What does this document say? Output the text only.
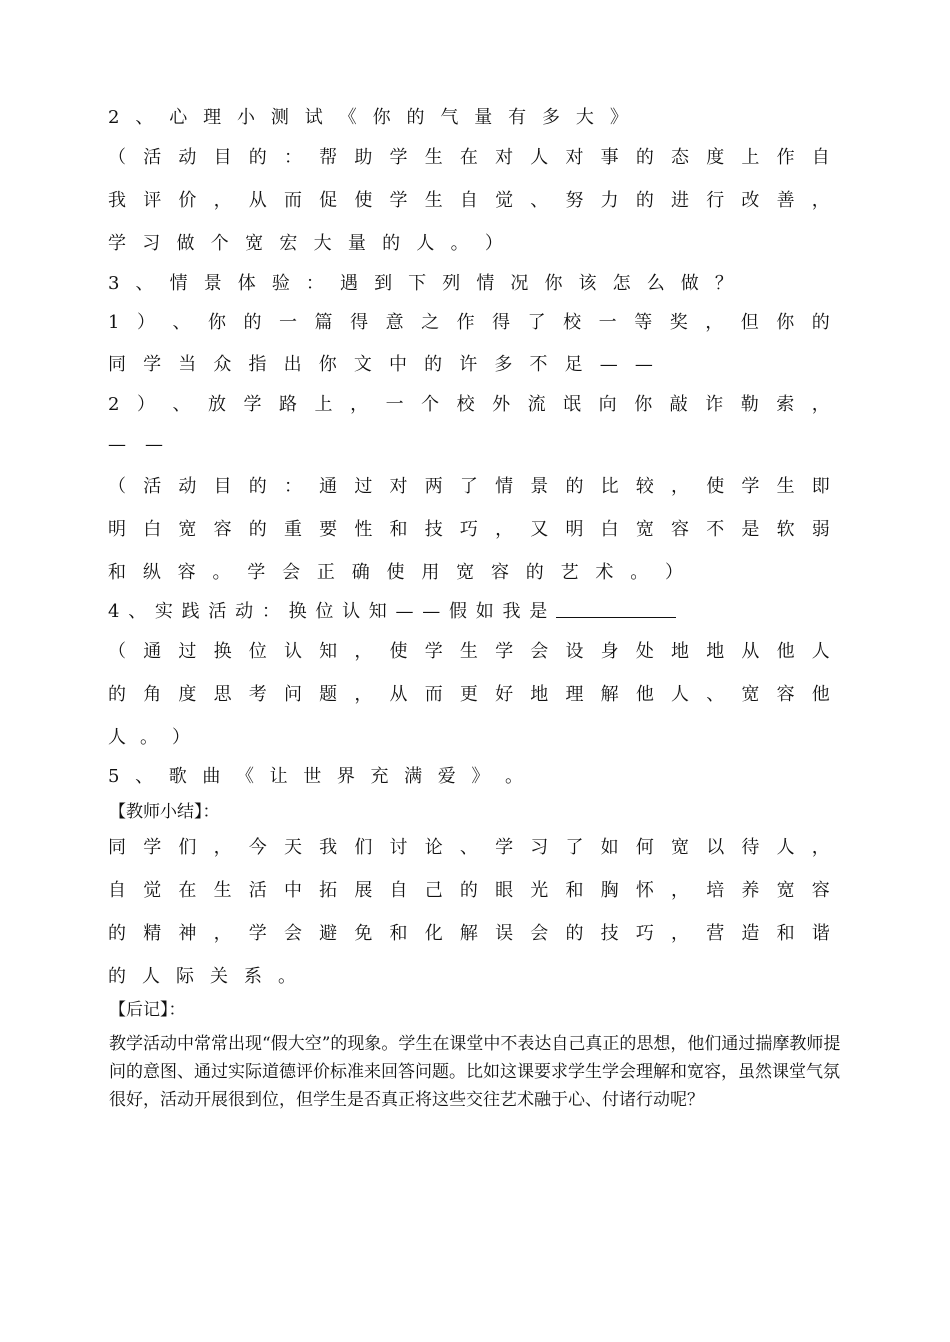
2 、 心 理 小 测 试 《 你 的 气 量 有 多 大 》
（ 活 动 目 的 ： 帮 助 学 生 在 对 人 对 事 的 态 度 上 作 自
我 评 价 ， 从 而 促 使 学 生 自 觉 、 努 力 的 进 行 改 善 ，
学 习 做 个 宽 宏 大 量 的 人 。 ）
3 、 情 景 体 验 ： 遇 到 下 列 情 况 你 该 怎 么 做 ？
1 ） 、 你 的 一 篇 得 意 之 作 得 了 校 一 等 奖 ， 但 你 的
同 学 当 众 指 出 你 文 中 的 许 多 不 足 — —
2 ） 、 放 学 路 上 ， 一 个 校 外 流 氓 向 你 敲 诈 勒 索 ，
— —
（ 活 动 目 的 ： 通 过 对 两 了 情 景 的 比 较 ， 使 学 生 即
明 白 宽 容 的 重 要 性 和 技 巧 ， 又 明 白 宽 容 不 是 软 弱
和 纵 容 。 学 会 正 确 使 用 宽 容 的 艺 术 。 ）
4 、 实 践 活 动 ： 换 位 认 知 — — 假 如 我 是
（ 通 过 换 位 认 知 ， 使 学 生 学 会 设 身 处 地 地 从 他 人
的 角 度 思 考 问 题 ， 从 而 更 好 地 理 解 他 人 、 宽 容 他
人 。 ）
5 、 歌 曲 《 让 世 界 充 满 爱 》 。
同 学 们 ， 今 天 我 们 讨 论 、 学 习 了 如 何 宽 以 待 人 ，
自 觉 在 生 活 中 拓 展 自 己 的 眼 光 和 胸 怀 ， 培 养 宽 容
的 精 神 ， 学 会 避 免 和 化 解 误 会 的 技 巧 ， 营 造 和 谐
的 人 际 关 系 。
【教师小结】：
【后记】：
教学活动中常常出现“假大空”的现象。学生在课堂中不表达自己真正的思想，他们通过揣摩教师提问的意图、通过实际道德评价标准来回答问题。比如这课要求学生学会理解和宽容，虽然课堂气氛很好，活动开展很到位，但学生是否真正将这些交往艺术融于心、付诸行动呢？
